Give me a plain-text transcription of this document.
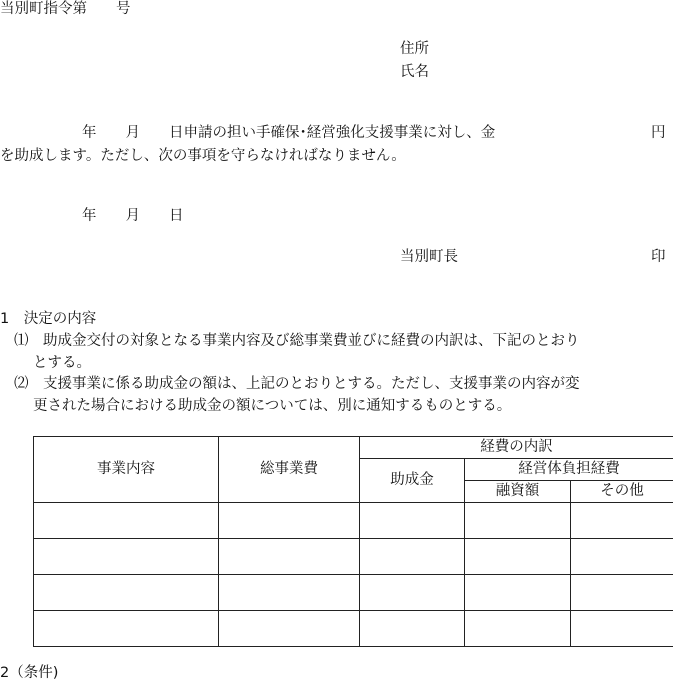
当別町指令第　　号
住所
氏名
年　　月　　日申請の担い手確保･経営強化支援事業に対し、金	円
を助成します。ただし、次の事項を守らなければなりません。
年　　月　　日
当別町長	印
1　決定の内容
⑴　助成金交付の対象となる事業内容及び総事業費並びに経費の内訳は、下記のとおり
とする。
⑵　支援事業に係る助成金の額は、上記のとおりとする。ただし、支援事業の内容が変
更された場合における助成金の額については、別に通知するものとする。
事業内容	総事業費	経費の内訳		
		助成金	経営体負担経費	
			融資額	その他

2（条件)
